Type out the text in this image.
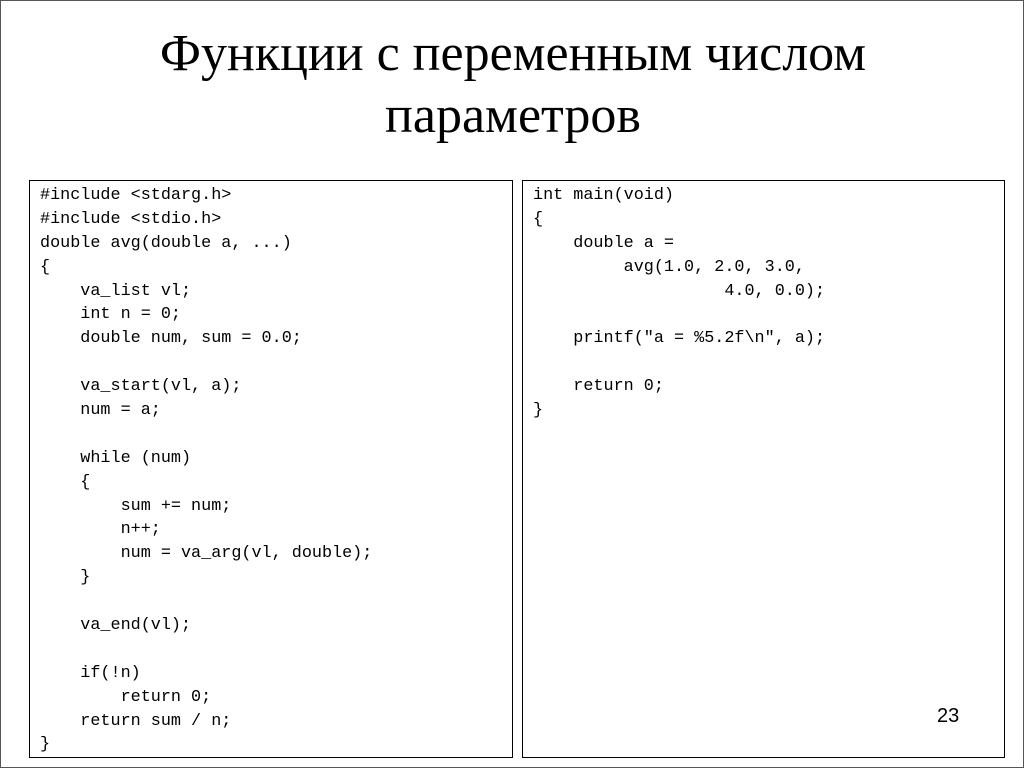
Функции с переменным числом
параметров
#include <stdarg.h>
#include <stdio.h>
double avg(double a, ...)
{
va_list vl;
int n = 0;
double num, sum = 0.0;
va_start(vl, a);
num = a;
while (num)
{
sum += num;
n++;
num = va_arg(vl, double);
}
va_end(vl);
if(!n)
return 0;
return sum / n;
}
int main(void)
{
double a =
avg(1.0, 2.0, 3.0,
4.0, 0.0);
printf("a = %5.2f\n", a);
return 0;
}
23
